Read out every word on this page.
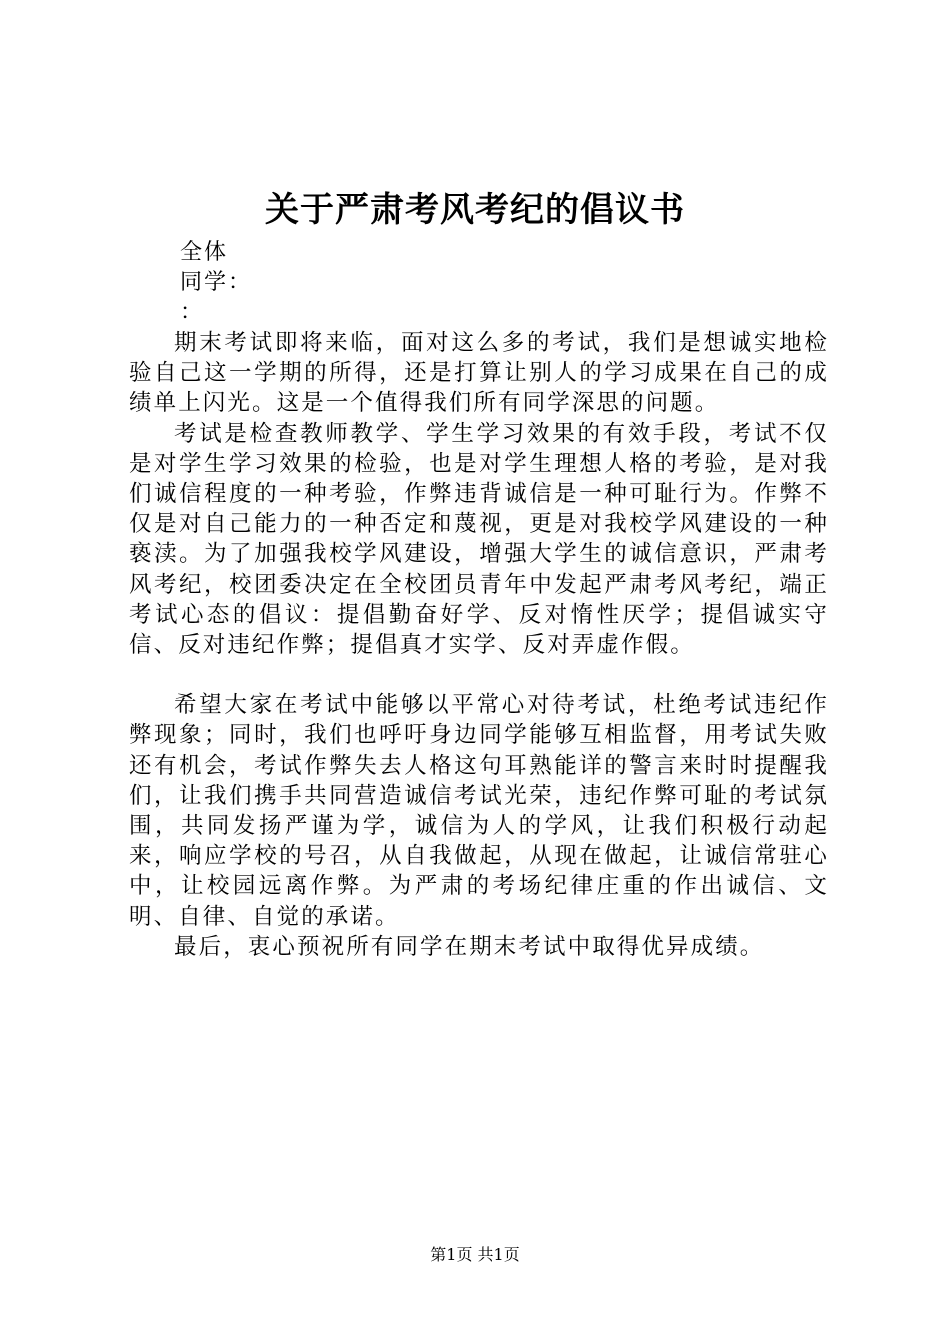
关于严肃考风考纪的倡议书
全体
同学：
：

期末考试即将来临，面对这么多的考试，我们是想诚实地检验自己这一学期的所得，还是打算让别人的学习成果在自己的成绩单上闪光。这是一个值得我们所有同学深思的问题。

考试是检查教师教学、学生学习效果的有效手段，考试不仅是对学生学习效果的检验，也是对学生理想人格的考验，是对我们诚信程度的一种考验，作弊违背诚信是一种可耻行为。作弊不仅是对自己能力的一种否定和蔑视，更是对我校学风建设的一种亵渎。为了加强我校学风建设，增强大学生的诚信意识，严肃考风考纪，校团委决定在全校团员青年中发起严肃考风考纪，端正考试心态的倡议：提倡勤奋好学、反对惰性厌学；提倡诚实守信、反对违纪作弊；提倡真才实学、反对弄虚作假。

希望大家在考试中能够以平常心对待考试，杜绝考试违纪作弊现象；同时，我们也呼吁身边同学能够互相监督，用考试失败还有机会，考试作弊失去人格这句耳熟能详的警言来时时提醒我们，让我们携手共同营造诚信考试光荣，违纪作弊可耻的考试氛围，共同发扬严谨为学，诚信为人的学风，让我们积极行动起来，响应学校的号召，从自我做起，从现在做起，让诚信常驻心中，让校园远离作弊。为严肃的考场纪律庄重的作出诚信、文明、自律、自觉的承诺。

最后，衷心预祝所有同学在期末考试中取得优异成绩。

第1页 共1页
